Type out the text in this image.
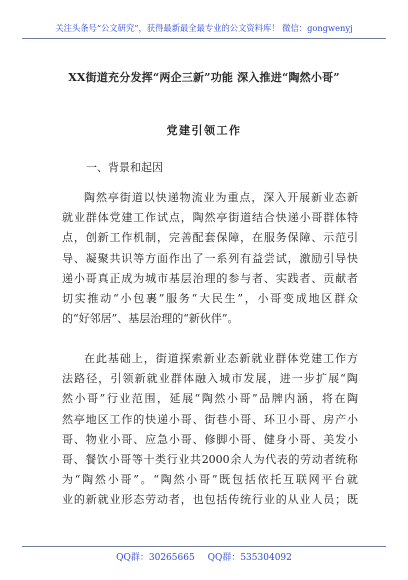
关注头条号“公文研究”，获得最新最全最专业的公文资料库！ 微信：gongwenyj
XX街道充分发挥“两企三新”功能 深入推进“陶然小哥”
党建引领工作
一、背景和起因
陶 然 亭 街 道 以 快 递 物 流 业 为 重 点 ， 深 入 开 展 新 业 态 新
就 业 群 体 党 建 工 作 试 点 ， 陶 然 亭 街 道 结 合 快 递 小 哥 群 体 特
点 ， 创 新 工 作 机 制 ， 完 善 配 套 保 障 ， 在 服 务 保 障 、 示 范 引
导 、 凝 聚 共 识 等 方 面 作 出 了 一 系 列 有 益 尝 试 ， 激 励 引 导 快
递 小 哥 真 正 成 为 城 市 基 层 治 理 的 参 与 者 、 实 践 者 、 贡 献 者
切 实 推 动 “ 小 包 裹 ” 服 务 “ 大 民 生 ” ， 小 哥 变 成 地 区 群 众
的“好邻居”、基层治理的“新伙伴”。
在 此 基 础 上 ， 街 道 探 索 新 业 态 新 就 业 群 体 党 建 工 作 方
法 路 径 ， 引 领 新 就 业 群 体 融 入 城 市 发 展 ， 进 一 步 扩 展 “ 陶
然 小 哥 ” 行 业 范 围 ， 延 展 “ 陶 然 小 哥 ” 品 牌 内 涵 ， 将 在 陶
然 亭 地 区 工 作 的 快 递 小 哥 、 街 巷 小 哥 、 环 卫 小 哥 、 房 产 小
哥 、 物 业 小 哥 、 应 急 小 哥 、 修 脚 小 哥 、 健 身 小 哥 、 美 发 小
哥 、 餐 饮 小 哥 等 十 类 行 业 共 2000 余 人 为 代 表 的 劳 动 者 统 称
为 “ 陶 然 小 哥 ” 。 “ 陶 然 小 哥 ” 既 包 括 依 托 互 联 网 平 台 就
业 的 新 就 业 形 态 劳 动 者 ， 也 包 括 传 统 行 业 的 从 业 人 员 ； 既
QQ群：30265665 QQ群：535304092
